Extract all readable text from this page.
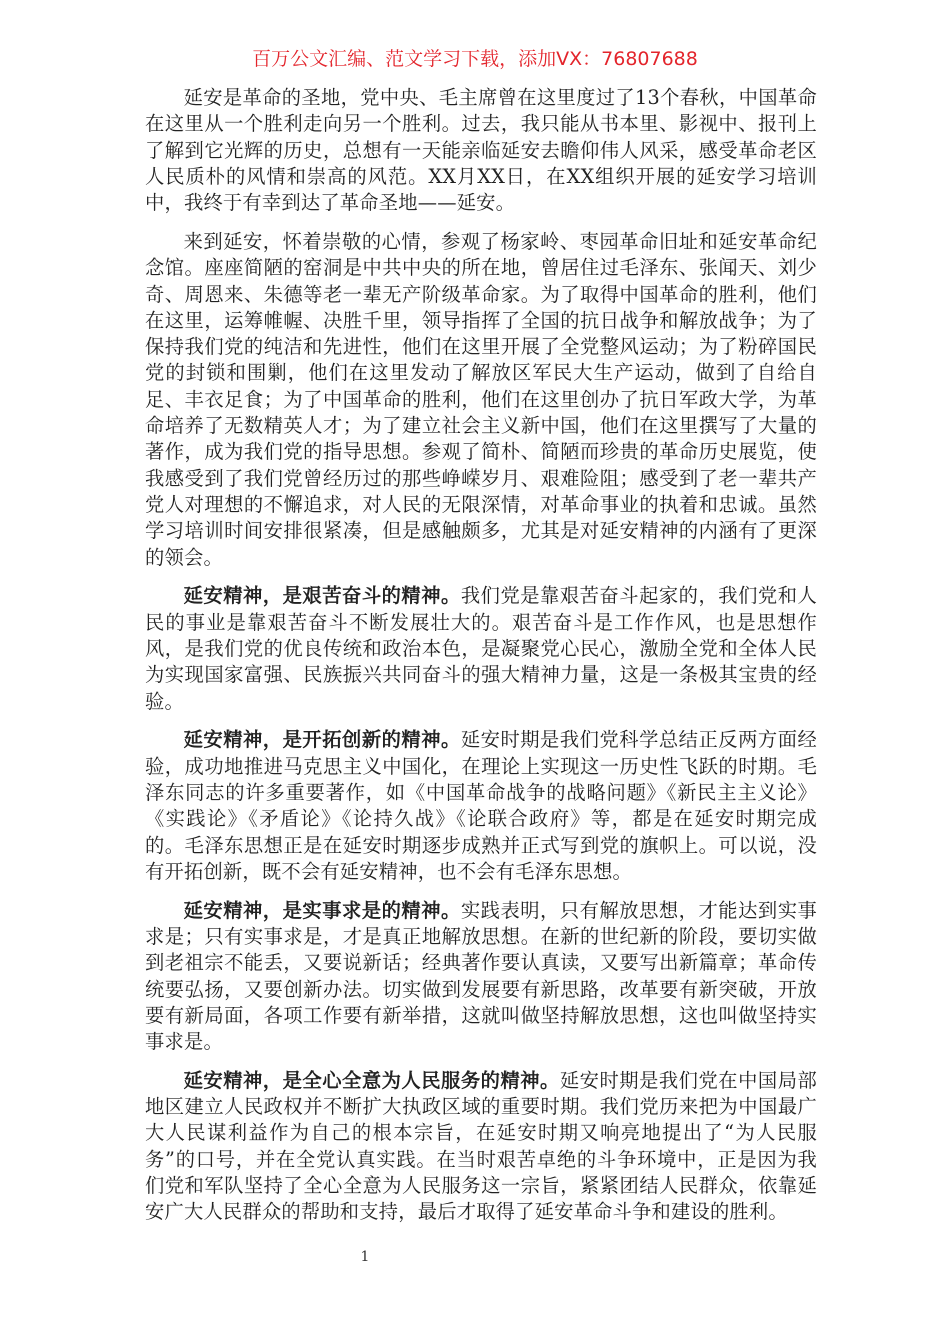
百万公文汇编、范文学习下载，添加VX：76807688

延安是革命的圣地，党中央、毛主席曾在这里度过了13个春秋，中国革命在这里从一个胜利走向另一个胜利。过去，我只能从书本里、影视中、报刊上了解到它光辉的历史，总想有一天能亲临延安去瞻仰伟人风采，感受革命老区人民质朴的风情和崇高的风范。XX月XX日，在XX组织开展的延安学习培训中，我终于有幸到达了革命圣地——延安。

来到延安，怀着崇敬的心情，参观了杨家岭、枣园革命旧址和延安革命纪念馆。座座简陋的窑洞是中共中央的所在地，曾居住过毛泽东、张闻天、刘少奇、周恩来、朱德等老一辈无产阶级革命家。为了取得中国革命的胜利，他们在这里，运筹帷幄、决胜千里，领导指挥了全国的抗日战争和解放战争；为了保持我们党的纯洁和先进性，他们在这里开展了全党整风运动；为了粉碎国民党的封锁和围剿，他们在这里发动了解放区军民大生产运动，做到了自给自足、丰衣足食；为了中国革命的胜利，他们在这里创办了抗日军政大学，为革命培养了无数精英人才；为了建立社会主义新中国，他们在这里撰写了大量的著作，成为我们党的指导思想。参观了简朴、简陋而珍贵的革命历史展览，使我感受到了我们党曾经历过的那些峥嵘岁月、艰难险阻；感受到了老一辈共产党人对理想的不懈追求，对人民的无限深情，对革命事业的执着和忠诚。虽然学习培训时间安排很紧凑，但是感触颇多，尤其是对延安精神的内涵有了更深的领会。

延安精神，是艰苦奋斗的精神。我们党是靠艰苦奋斗起家的，我们党和人民的事业是靠艰苦奋斗不断发展壮大的。艰苦奋斗是工作作风，也是思想作风，是我们党的优良传统和政治本色，是凝聚党心民心，激励全党和全体人民为实现国家富强、民族振兴共同奋斗的强大精神力量，这是一条极其宝贵的经验。

延安精神，是开拓创新的精神。延安时期是我们党科学总结正反两方面经验，成功地推进马克思主义中国化，在理论上实现这一历史性飞跃的时期。毛泽东同志的许多重要著作，如《中国革命战争的战略问题》《新民主主义论》《实践论》《矛盾论》《论持久战》《论联合政府》等，都是在延安时期完成的。毛泽东思想正是在延安时期逐步成熟并正式写到党的旗帜上。可以说，没有开拓创新，既不会有延安精神，也不会有毛泽东思想。

延安精神，是实事求是的精神。实践表明，只有解放思想，才能达到实事求是；只有实事求是，才是真正地解放思想。在新的世纪新的阶段，要切实做到老祖宗不能丢，又要说新话；经典著作要认真读，又要写出新篇章；革命传统要弘扬，又要创新办法。切实做到发展要有新思路，改革要有新突破，开放要有新局面，各项工作要有新举措，这就叫做坚持解放思想，这也叫做坚持实事求是。

延安精神，是全心全意为人民服务的精神。延安时期是我们党在中国局部地区建立人民政权并不断扩大执政区域的重要时期。我们党历来把为中国最广大人民谋利益作为自己的根本宗旨，在延安时期又响亮地提出了“为人民服务”的口号，并在全党认真实践。在当时艰苦卓绝的斗争环境中，正是因为我们党和军队坚持了全心全意为人民服务这一宗旨，紧紧团结人民群众，依靠延安广大人民群众的帮助和支持，最后才取得了延安革命斗争和建设的胜利。

1
